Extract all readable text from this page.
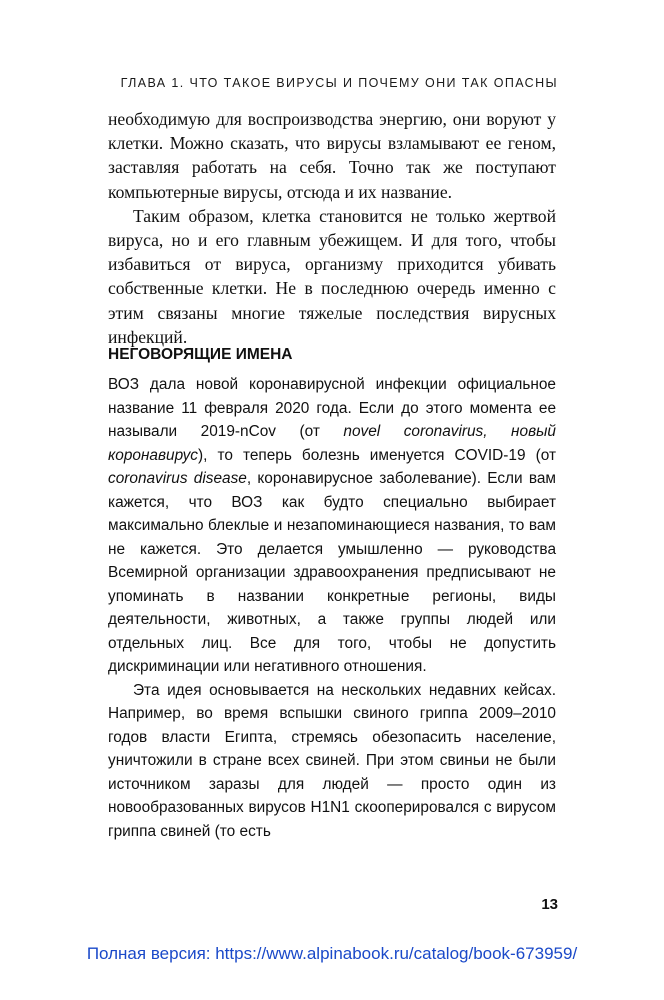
ГЛАВА 1. ЧТО ТАКОЕ ВИРУСЫ И ПОЧЕМУ ОНИ ТАК ОПАСНЫ

необходимую для воспроизводства энергию, они воруют у клетки. Можно сказать, что вирусы взламывают ее геном, заставляя работать на себя. Точно так же поступают компьютерные вирусы, отсюда и их название.

Таким образом, клетка становится не только жертвой вируса, но и его главным убежищем. И для того, чтобы избавиться от вируса, организму приходится убивать собственные клетки. Не в последнюю очередь именно с этим связаны многие тяжелые последствия вирусных инфекций.

НЕГОВОРЯЩИЕ ИМЕНА

ВОЗ дала новой коронавирусной инфекции официальное название 11 февраля 2020 года. Если до этого момента ее называли 2019-nCov (от novel coronavirus, новый коронавирус), то теперь болезнь именуется COVID-19 (от coronavirus disease, коронавирусное заболевание). Если вам кажется, что ВОЗ как будто специально выбирает максимально блеклые и незапоминающиеся названия, то вам не кажется. Это делается умышленно — руководства Всемирной организации здравоохранения предписывают не упоминать в названии конкретные регионы, виды деятельности, животных, а также группы людей или отдельных лиц. Все для того, чтобы не допустить дискриминации или негативного отношения.

Эта идея основывается на нескольких недавних кейсах. Например, во время вспышки свиного гриппа 2009–2010 годов власти Египта, стремясь обезопасить население, уничтожили в стране всех свиней. При этом свиньи не были источником заразы для людей — просто один из новообразованных вирусов H1N1 скооперировался с вирусом гриппа свиней (то есть

13
Полная версия: https://www.alpinabook.ru/catalog/book-673959/
